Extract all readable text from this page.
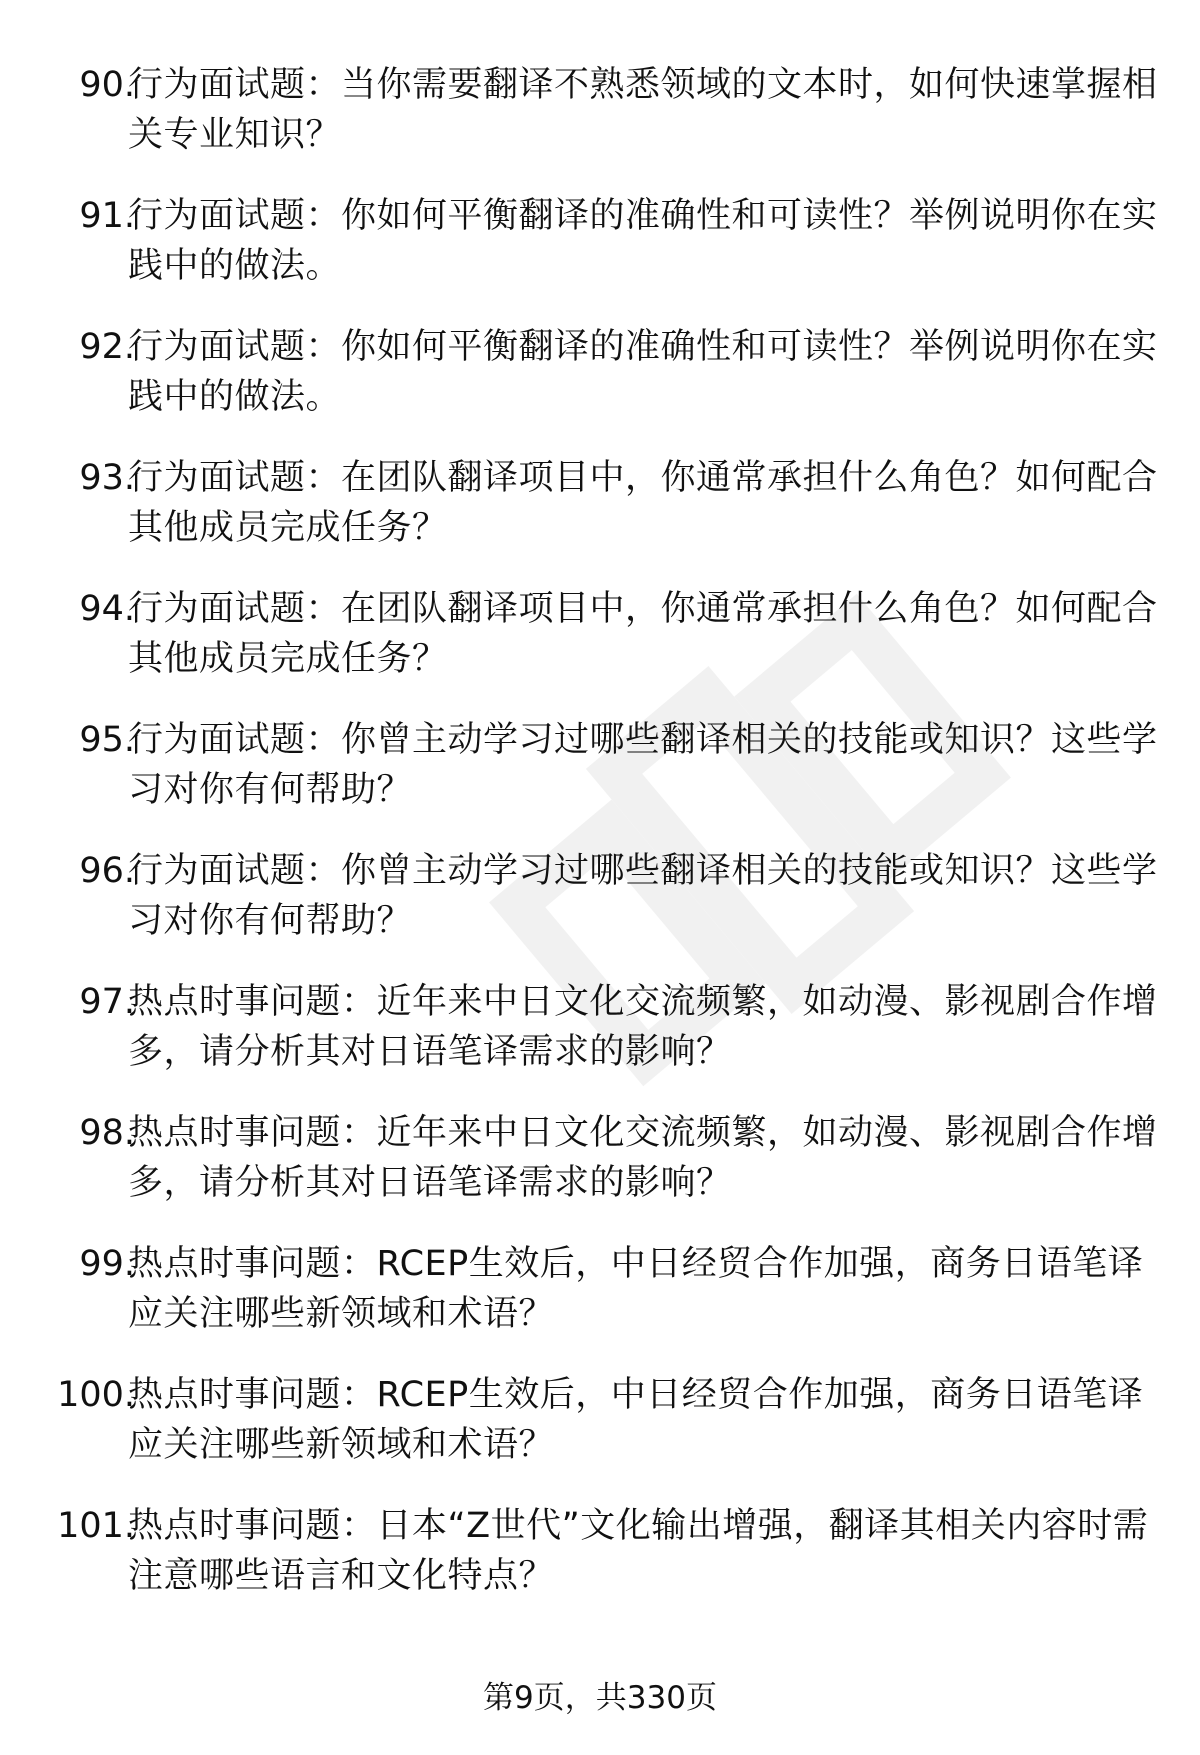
90.
行为面试题：当你需要翻译不熟悉领域的文本时，如何快速掌握相关专业知识？
91.
行为面试题：你如何平衡翻译的准确性和可读性？举例说明你在实践中的做法。
92.
行为面试题：你如何平衡翻译的准确性和可读性？举例说明你在实践中的做法。
93.
行为面试题：在团队翻译项目中，你通常承担什么角色？如何配合其他成员完成任务？
94.
行为面试题：在团队翻译项目中，你通常承担什么角色？如何配合其他成员完成任务？
95.
行为面试题：你曾主动学习过哪些翻译相关的技能或知识？这些学习对你有何帮助？
96.
行为面试题：你曾主动学习过哪些翻译相关的技能或知识？这些学习对你有何帮助？
97.
热点时事问题：近年来中日文化交流频繁，如动漫、影视剧合作增多，请分析其对日语笔译需求的影响？
98.
热点时事问题：近年来中日文化交流频繁，如动漫、影视剧合作增多，请分析其对日语笔译需求的影响？
99.
热点时事问题：RCEP生效后，中日经贸合作加强，商务日语笔译应关注哪些新领域和术语？
100.
热点时事问题：RCEP生效后，中日经贸合作加强，商务日语笔译应关注哪些新领域和术语？
101.
热点时事问题：日本“Z世代”文化输出增强，翻译其相关内容时需注意哪些语言和文化特点？
第9页，共330页
